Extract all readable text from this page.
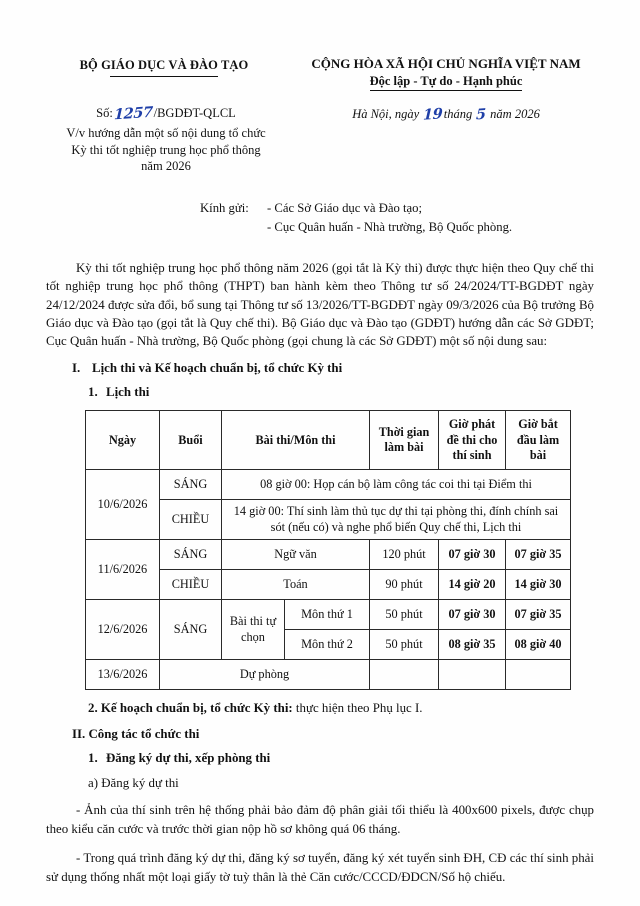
BỘ GIÁO DỤC VÀ ĐÀO TẠO	CỘNG HÒA XÃ HỘI CHỦ NGHĨA VIỆT NAM
Độc lập - Tự do - Hạnh phúc
Số:1257/BGDĐT-QLCL
V/v hướng dẫn một số nội dung tổ chức
Kỳ thi tốt nghiệp trung học phổ thông
năm 2026
Hà Nội, ngày 19tháng 5 năm 2026
Kính gửi: - Các Sở Giáo dục và Đào tạo;
- Cục Quân huấn - Nhà trường, Bộ Quốc phòng.

Kỳ thi tốt nghiệp trung học phổ thông năm 2026 (gọi tắt là Kỳ thi) được thực hiện theo Quy chế thi tốt nghiệp trung học phổ thông (THPT) ban hành kèm theo Thông tư số 24/2024/TT-BGDĐT ngày 24/12/2024 được sửa đổi, bổ sung tại Thông tư số 13/2026/TT-BGDĐT ngày 09/3/2026 của Bộ trưởng Bộ Giáo dục và Đào tạo (gọi tắt là Quy chế thi). Bộ Giáo dục và Đào tạo (GDĐT) hướng dẫn các Sở GDĐT; Cục Quân huấn - Nhà trường, Bộ Quốc phòng (gọi chung là các Sở GDĐT) một số nội dung sau:

I. Lịch thi và Kế hoạch chuẩn bị, tổ chức Kỳ thi
1. Lịch thi
Ngày	Buổi	Bài thi/Môn thi		Thời gian làm bài	Giờ phát đề thi cho thí sinh	Giờ bắt đầu làm bài
10/6/2026	SÁNG	08 giờ 00: Họp cán bộ làm công tác coi thi tại Điểm thi				
	CHIỀU	14 giờ 00: Thí sinh làm thủ tục dự thi tại phòng thi, đính chính sai sót (nếu có) và nghe phổ biến Quy chế thi, Lịch thi				
11/6/2026	SÁNG	Ngữ văn		120 phút	07 giờ 30	07 giờ 35
	CHIỀU	Toán		90 phút	14 giờ 20	14 giờ 30
12/6/2026	SÁNG	Bài thi tự chọn	Môn thứ 1	50 phút	07 giờ 30	07 giờ 35
			Môn thứ 2	50 phút	08 giờ 35	08 giờ 40
13/6/2026	Dự phòng					
2. Kế hoạch chuẩn bị, tổ chức Kỳ thi: thực hiện theo Phụ lục I.
II. Công tác tổ chức thi
1. Đăng ký dự thi, xếp phòng thi
a) Đăng ký dự thi

- Ảnh của thí sinh trên hệ thống phải bảo đảm độ phân giải tối thiểu là 400x600 pixels, được chụp theo kiểu căn cước và trước thời gian nộp hồ sơ không quá 06 tháng.

- Trong quá trình đăng ký dự thi, đăng ký sơ tuyển, đăng ký xét tuyển sinh ĐH, CĐ các thí sinh phải sử dụng thống nhất một loại giấy tờ tuỳ thân là thẻ Căn cước/CCCD/ĐDCN/Số hộ chiếu.
